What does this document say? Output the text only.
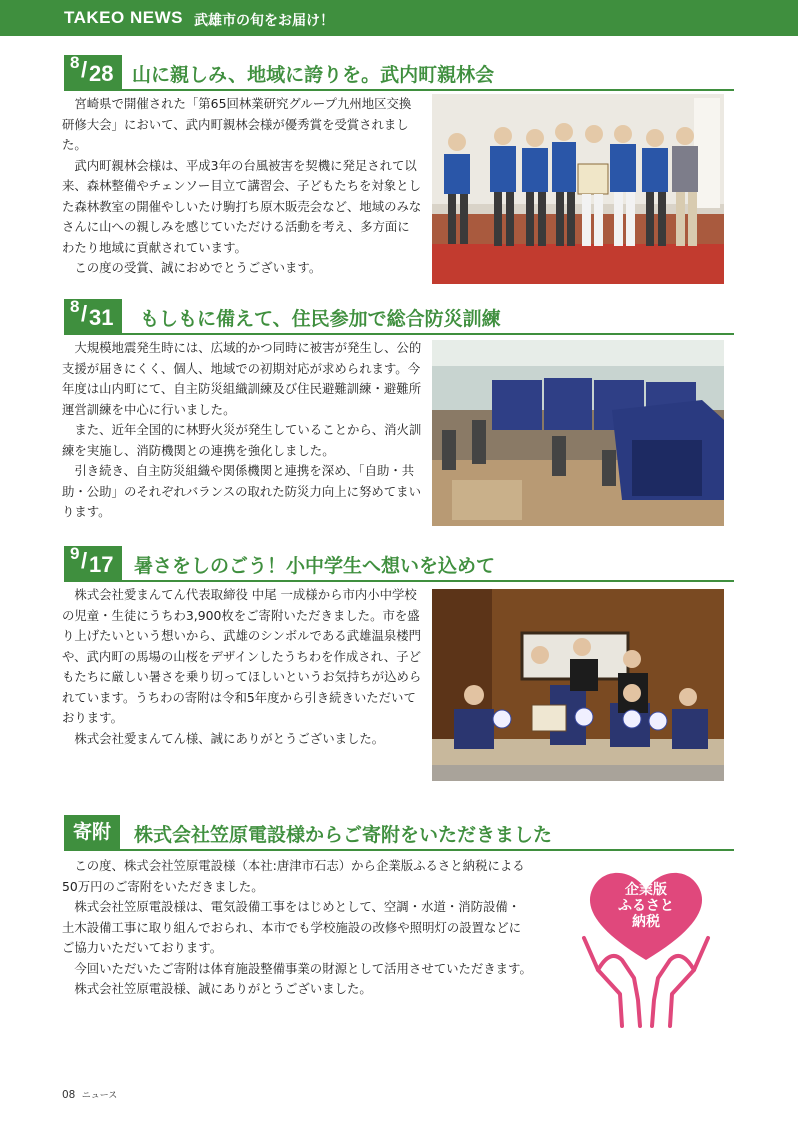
TAKEO NEWS 武雄市の旬をお届け！
8 / 28 山に親しみ、地域に誇りを。武内町親林会

宮崎県で開催された「第65回林業研究グループ九州地区交換研修大会」において、武内町親林会様が優秀賞を受賞されました。

武内町親林会様は、平成3年の台風被害を契機に発足されて以来、森林整備やチェンソー目立て講習会、子どもたちを対象とした森林教室の開催やしいたけ駒打ち原木販売会など、地域のみなさんに山への親しみを感じていただける活動を考え、多方面にわたり地域に貢献されています。

この度の受賞、誠におめでとうございます。

8 / 31 もしもに備えて、住民参加で総合防災訓練

大規模地震発生時には、広域的かつ同時に被害が発生し、公的支援が届きにくく、個人、地域での初期対応が求められます。今年度は山内町にて、自主防災組織訓練及び住民避難訓練・避難所運営訓練を中心に行いました。

また、近年全国的に林野火災が発生していることから、消火訓練を実施し、消防機関との連携を強化しました。

引き続き、自主防災組織や関係機関と連携を深め、「自助・共助・公助」のそれぞれバランスの取れた防災力向上に努めてまいります。

9 / 17 暑さをしのごう！小中学生へ想いを込めて

株式会社愛まんてん代表取締役 中尾 一成様から市内小中学校の児童・生徒にうちわ3,900枚をご寄附いただきました。市を盛り上げたいという想いから、武雄のシンボルである武雄温泉楼門や、武内町の馬場の山桜をデザインしたうちわを作成され、子どもたちに厳しい暑さを乗り切ってほしいというお気持ちが込められています。うちわの寄附は令和5年度から引き続きいただいております。

株式会社愛まんてん様、誠にありがとうございました。

寄附	株式会社笠原電設様からご寄附をいただきました

この度、株式会社笠原電設様（本社:唐津市石志）から企業版ふるさと納税による50万円のご寄附をいただきました。

株式会社笠原電設様は、電気設備工事をはじめとして、空調・水道・消防設備・土木設備工事に取り組んでおられ、本市でも学校施設の改修や照明灯の設置などにご協力いただいております。

今回いただいたご寄附は体育施設整備事業の財源として活用させていただきます。

株式会社笠原電設様、誠にありがとうございました。

企業版
ふるさと
納税
08 ニュース
